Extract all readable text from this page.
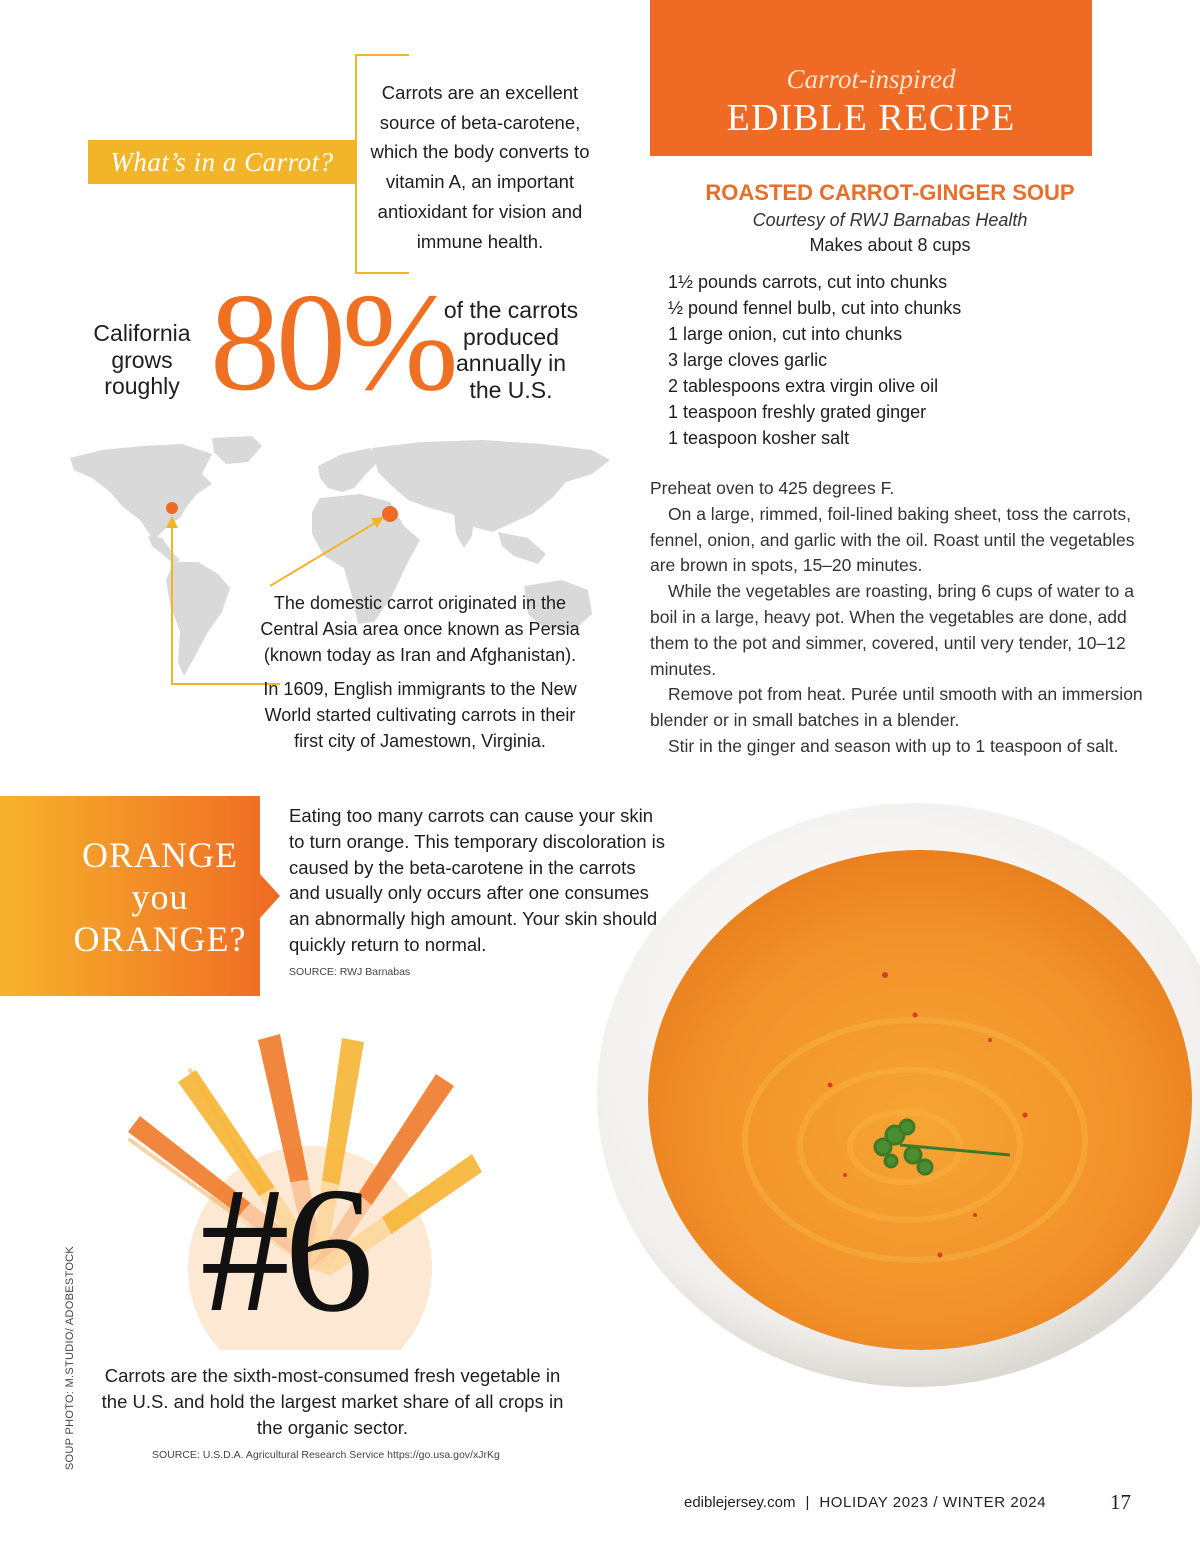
What’s in a Carrot?

Carrots are an excellent source of beta-carotene, which the body converts to vitamin A, an important antioxidant for vision and immune health.

California grows roughly 80%

of the carrots produced annually in the U.S.

The domestic carrot originated in the Central Asia area once known as Persia (known today as Iran and Afghanistan).

In 1609, English immigrants to the New World started cultivating carrots in their first city of Jamestown, Virginia.

Carrot-inspired
EDIBLE RECIPE

ROASTED CARROT-GINGER SOUP

Courtesy of RWJ Barnabas Health

Makes about 8 cups

1½ pounds carrots, cut into chunks
½ pound fennel bulb, cut into chunks
1 large onion, cut into chunks
3 large cloves garlic
2 tablespoons extra virgin olive oil
1 teaspoon freshly grated ginger
1 teaspoon kosher salt

Preheat oven to 425 degrees F.

On a large, rimmed, foil-lined baking sheet, toss the carrots, fennel, onion, and garlic with the oil. Roast until the vegetables are brown in spots, 15–20 minutes.

While the vegetables are roasting, bring 6 cups of water to a boil in a large, heavy pot. When the vegetables are done, add them to the pot and simmer, covered, until very tender, 10–12 minutes.

Remove pot from heat. Purée until smooth with an immersion blender or in small batches in a blender.

Stir in the ginger and season with up to 1 teaspoon of salt.

ORANGE
you
ORANGE?

Eating too many carrots can cause your skin to turn orange. This temporary discoloration is caused by the beta-carotene in the carrots and usually only occurs after one consumes an abnormally high amount. Your skin should quickly return to normal.

SOURCE: RWJ Barnabas

#6

Carrots are the sixth-most-consumed fresh vegetable in the U.S. and hold the largest market share of all crops in the organic sector.

SOURCE: U.S.D.A. Agricultural Research Service https://go.usa.gov/xJrKg

SOUP PHOTO: M.STUDIO/ ADOBESTOCK

ediblejersey.com | HOLIDAY 2023 / WINTER 2024	17
